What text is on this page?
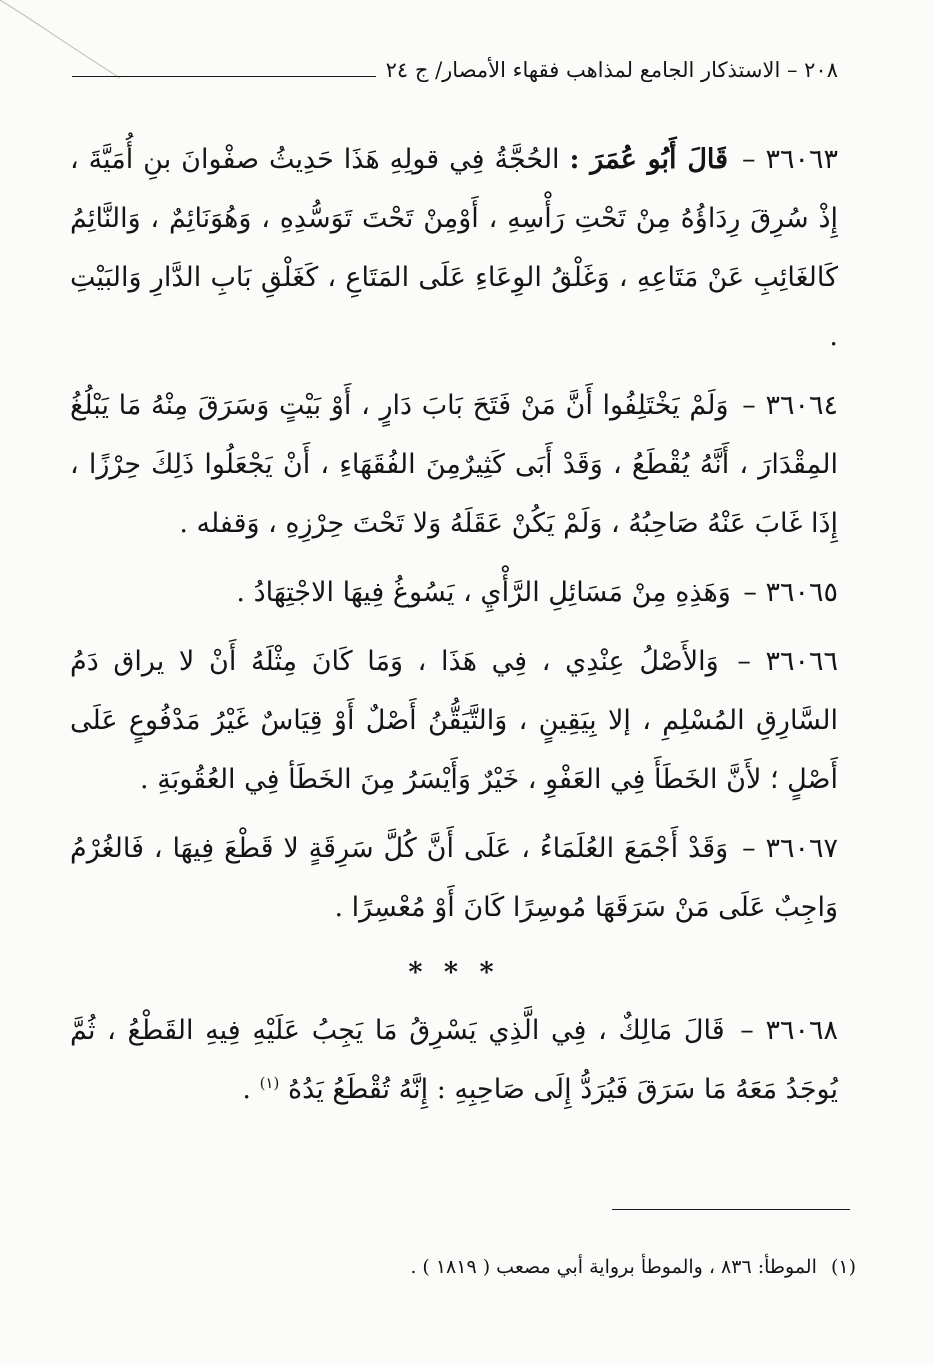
٢٠٨ – الاستذكار الجامع لمذاهب فقهاء الأمصار/ ج ٢٤

٣٦٠٦٣ – قَالَ أَبُو عُمَرَ : الحُجَّةُ فِي قولِهِ هَذَا حَدِيثُ صفْوانَ بنِ أُمَيَّةَ ، إِذْ سُرِقَ رِدَاؤُهُ مِنْ تَحْتِ رَأْسِهِ ، أَوْمِنْ تَحْتَ تَوَسُّدِهِ ، وَهُوَنَائِمٌ ، وَالنَّائِمُ كَالغَائِبِ عَنْ مَتَاعِهِ ، وَغَلْقُ الوِعَاءِ عَلَى المَتَاعِ ، كَغَلْقِ بَابِ الدَّارِ وَالبَيْتِ .

٣٦٠٦٤ – وَلَمْ يَخْتَلِفُوا أَنَّ مَنْ فَتَحَ بَابَ دَارٍ ، أَوْ بَيْتٍ وَسَرَقَ مِنْهُ مَا يَبْلُغُ المِقْدَارَ ، أَنَّهُ يُقْطَعُ ، وَقَدْ أَبَى كَثِيرٌمِنَ الفُقَهَاءِ ، أَنْ يَجْعَلُوا ذَلِكَ حِرْزًا ، إِذَا غَابَ عَنْهُ صَاحِبُهُ ، وَلَمْ يَكُنْ عَقَلَهُ وَلا تَحْتَ حِرْزِهِ ، وَقفله .

٣٦٠٦٥ – وَهَذِهِ مِنْ مَسَائِلِ الرَّأْيِ ، يَسُوغُ فِيهَا الاجْتِهَادُ .

٣٦٠٦٦ – وَالأَصْلُ عِنْدِي ، فِي هَذَا ، وَمَا كَانَ مِثْلَهُ أَنْ لا يراق دَمُ السَّارِقِ المُسْلِمِ ، إلا بِيَقِينٍ ، وَالتَّيَقُّنُ أَصْلٌ أَوْ قِيَاسٌ غَيْرُ مَدْفُوعٍ عَلَى أَصْلٍ ؛ لأَنَّ الخَطَأَ فِي العَفْوِ ، خَيْرٌ وَأَيْسَرُ مِنَ الخَطَأ فِي العُقُوبَةِ .

٣٦٠٦٧ – وَقَدْ أَجْمَعَ العُلَمَاءُ ، عَلَى أَنَّ كُلَّ سَرِقَةٍ لا قَطْعَ فِيهَا ، فَالغُرْمُ وَاجِبٌ عَلَى مَنْ سَرَقَهَا مُوسِرًا كَانَ أَوْ مُعْسِرًا .

* * *

٣٦٠٦٨ – قَالَ مَالِكٌ ، فِي الَّذِي يَسْرِقُ مَا يَجِبُ عَلَيْهِ فِيهِ القَطْعُ ، ثُمَّ يُوجَدُ مَعَهُ مَا سَرَقَ فَيُرَدُّ إِلَى صَاحِبِهِ : إِنَّهُ تُقْطَعُ يَدُهُ $^{(١)}$ .

(١) الموطأ: ٨٣٦ ، والموطأ برواية أبي مصعب ( ١٨١٩ ) .
